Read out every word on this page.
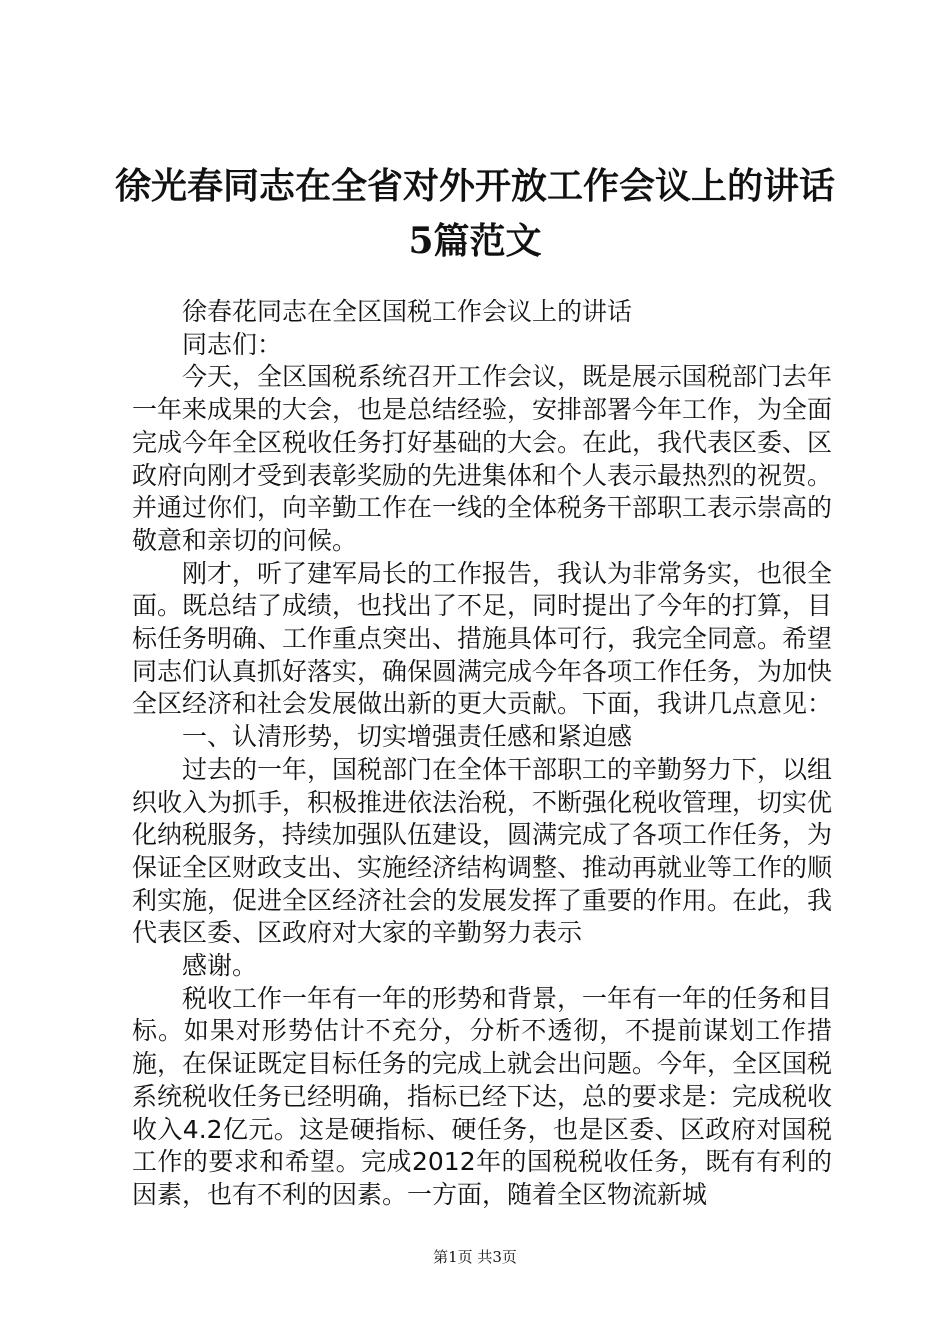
徐光春同志在全省对外开放工作会议上的讲话
5篇范文

徐春花同志在全区国税工作会议上的讲话

同志们：

今天，全区国税系统召开工作会议，既是展示国税部门去年一年来成果的大会，也是总结经验，安排部署今年工作，为全面完成今年全区税收任务打好基础的大会。在此，我代表区委、区政府向刚才受到表彰奖励的先进集体和个人表示最热烈的祝贺。并通过你们，向辛勤工作在一线的全体税务干部职工表示崇高的敬意和亲切的问候。

刚才，听了建军局长的工作报告，我认为非常务实，也很全面。既总结了成绩，也找出了不足，同时提出了今年的打算，目标任务明确、工作重点突出、措施具体可行，我完全同意。希望同志们认真抓好落实，确保圆满完成今年各项工作任务，为加快全区经济和社会发展做出新的更大贡献。下面，我讲几点意见：

一、认清形势，切实增强责任感和紧迫感

过去的一年，国税部门在全体干部职工的辛勤努力下，以组织收入为抓手，积极推进依法治税，不断强化税收管理，切实优化纳税服务，持续加强队伍建设，圆满完成了各项工作任务，为保证全区财政支出、实施经济结构调整、推动再就业等工作的顺利实施，促进全区经济社会的发展发挥了重要的作用。在此，我代表区委、区政府对大家的辛勤努力表示

感谢。

税收工作一年有一年的形势和背景，一年有一年的任务和目标。如果对形势估计不充分，分析不透彻，不提前谋划工作措施，在保证既定目标任务的完成上就会出问题。今年，全区国税系统税收任务已经明确，指标已经下达，总的要求是：完成税收收入4.2亿元。这是硬指标、硬任务，也是区委、区政府对国税工作的要求和希望。完成2012年的国税税收任务，既有有利的因素，也有不利的因素。一方面，随着全区物流新城

第1页 共3页
